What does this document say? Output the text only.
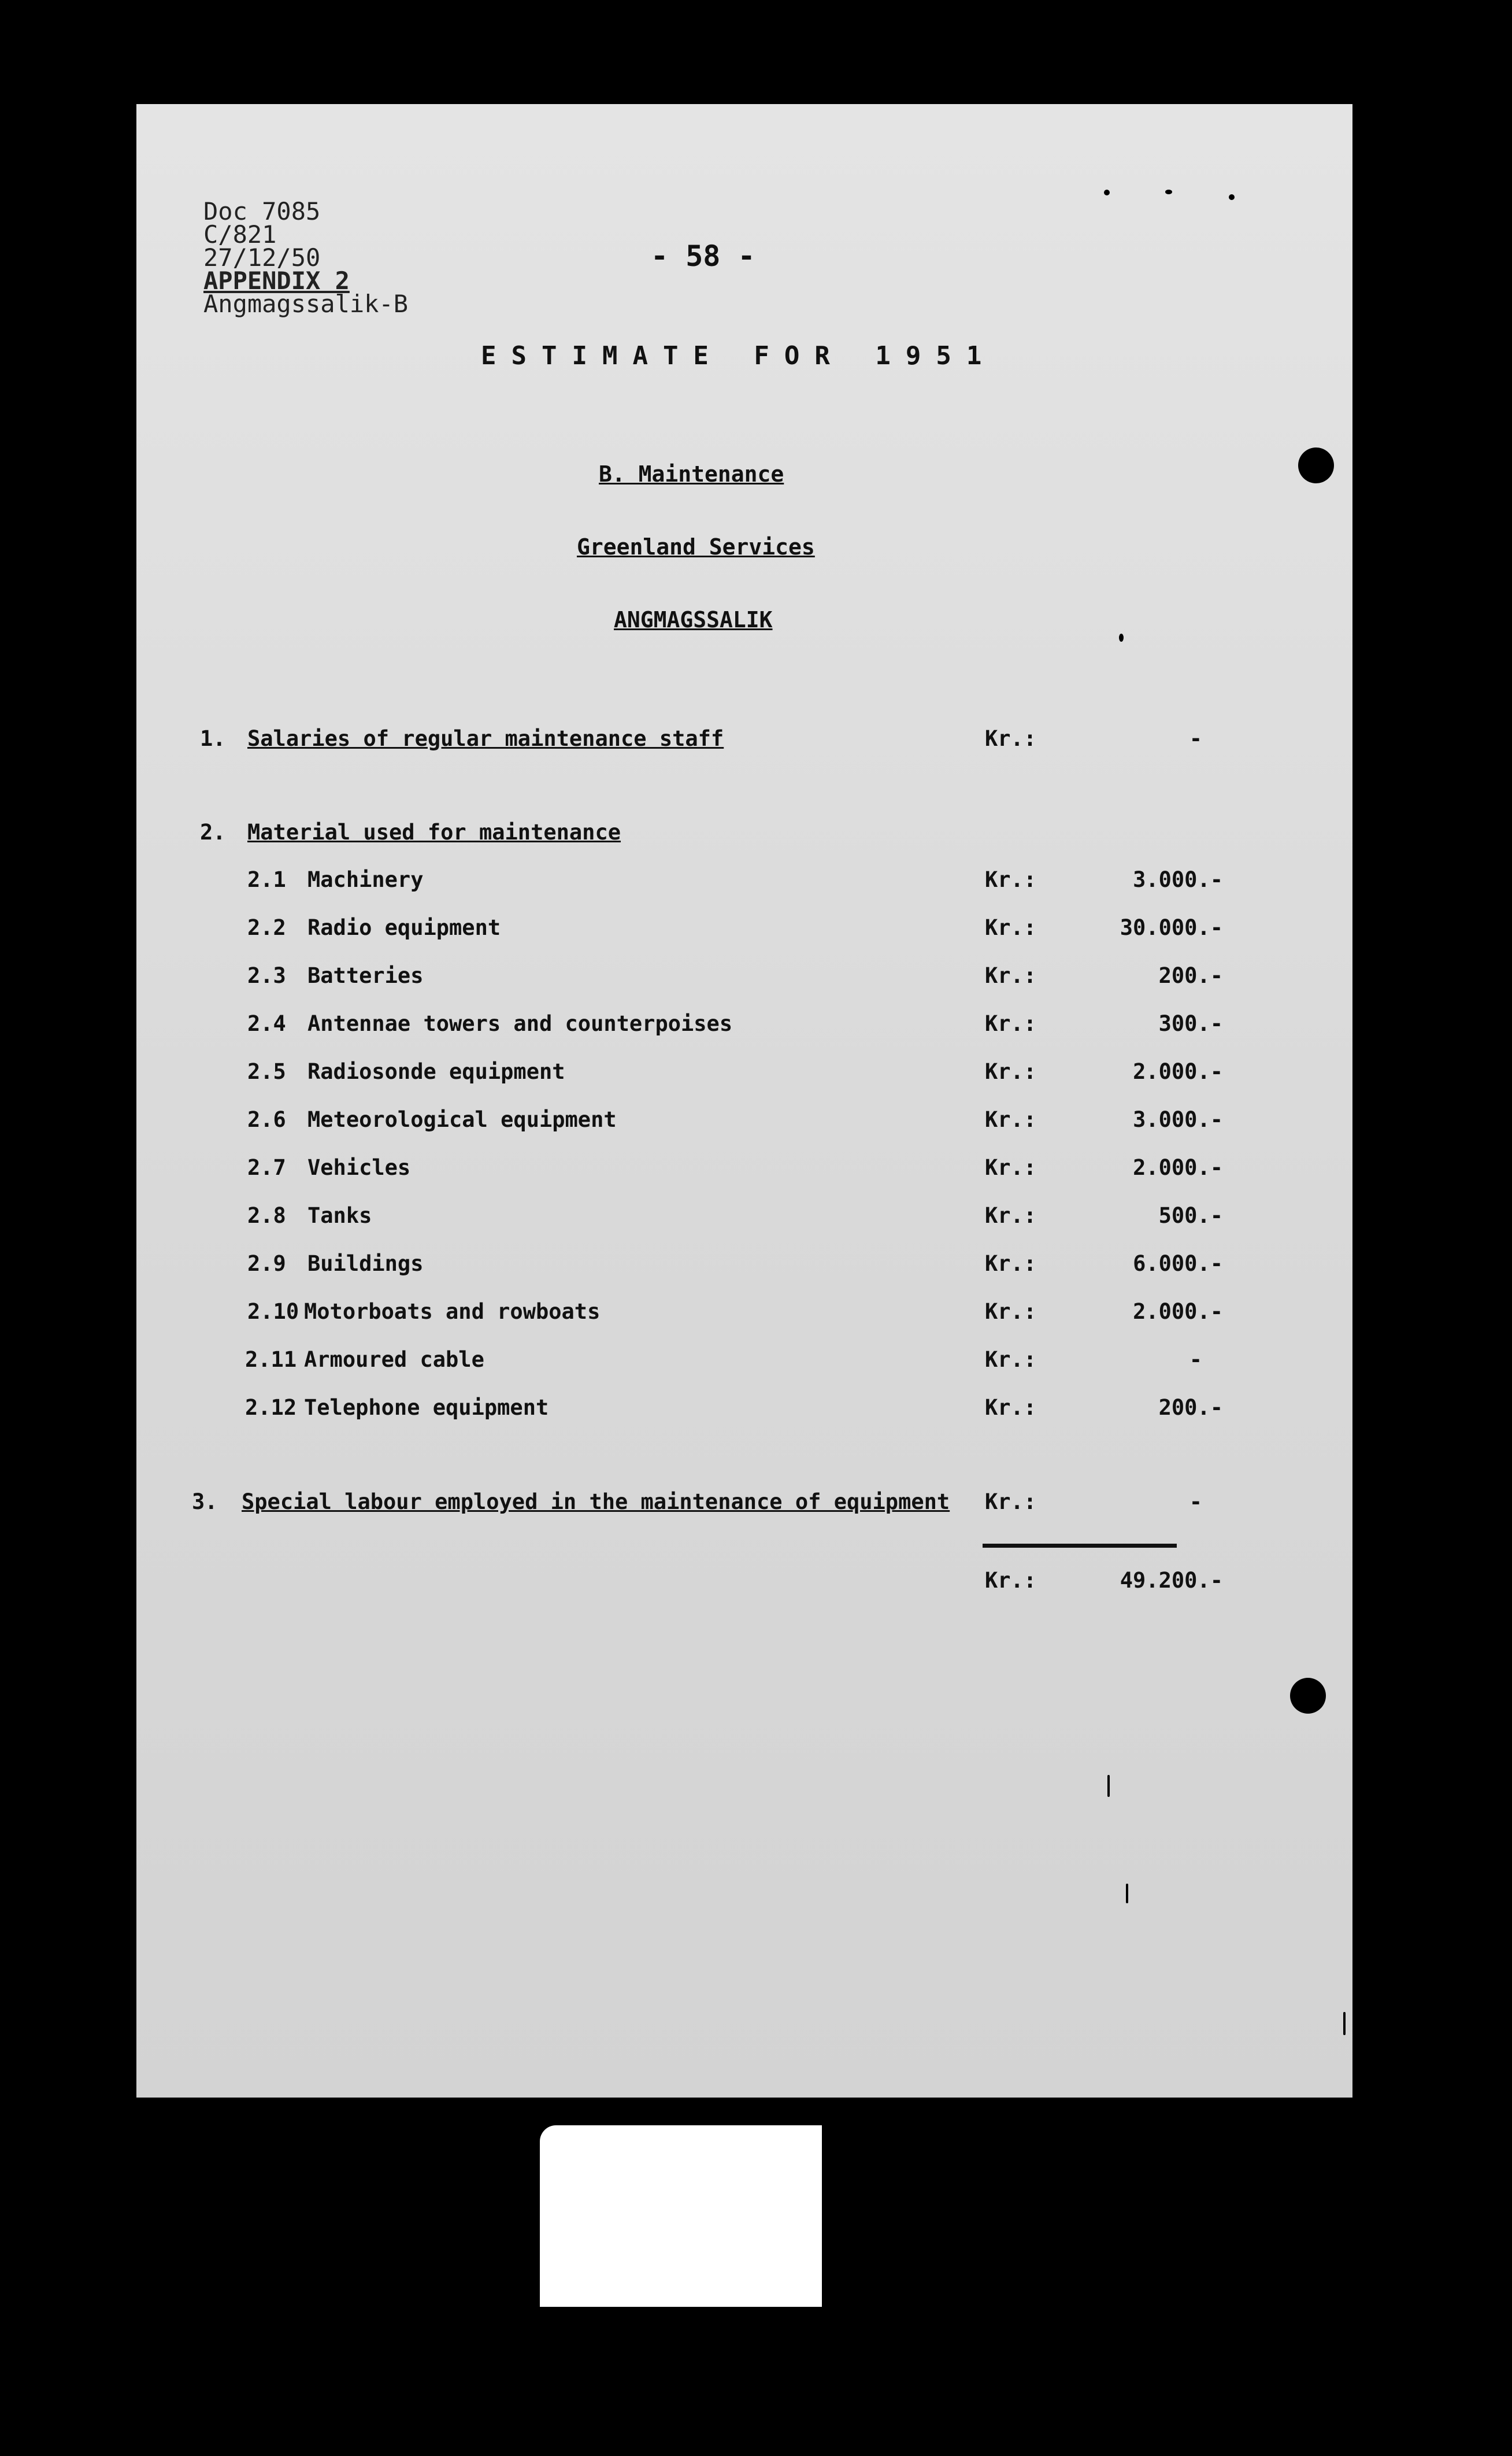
Doc 7085
C/821
27/12/50
APPENDIX 2
Angmagssalik-B
- 58 -
ESTIMATE FOR 1951
B. Maintenance
Greenland Services
ANGMAGSSALIK
1. Salaries of regular maintenance staff	Kr.:	-
2. Material used for maintenance
2.1 Machinery	Kr.:	3.000.-
2.2 Radio equipment	Kr.:	30.000.-
2.3 Batteries	Kr.:	200.-
2.4 Antennae towers and counterpoises	Kr.:	300.-
2.5 Radiosonde equipment	Kr.:	2.000.-
2.6 Meteorological equipment	Kr.:	3.000.-
2.7 Vehicles	Kr.:	2.000.-
2.8 Tanks	Kr.:	500.-
2.9 Buildings	Kr.:	6.000.-
2.10 Motorboats and rowboats	Kr.:	2.000.-
2.11 Armoured cable	Kr.:	-
2.12 Telephone equipment	Kr.:	200.-
3. Special labour employed in the maintenance of equipment Kr.:	-
Kr.:	49.200.-
